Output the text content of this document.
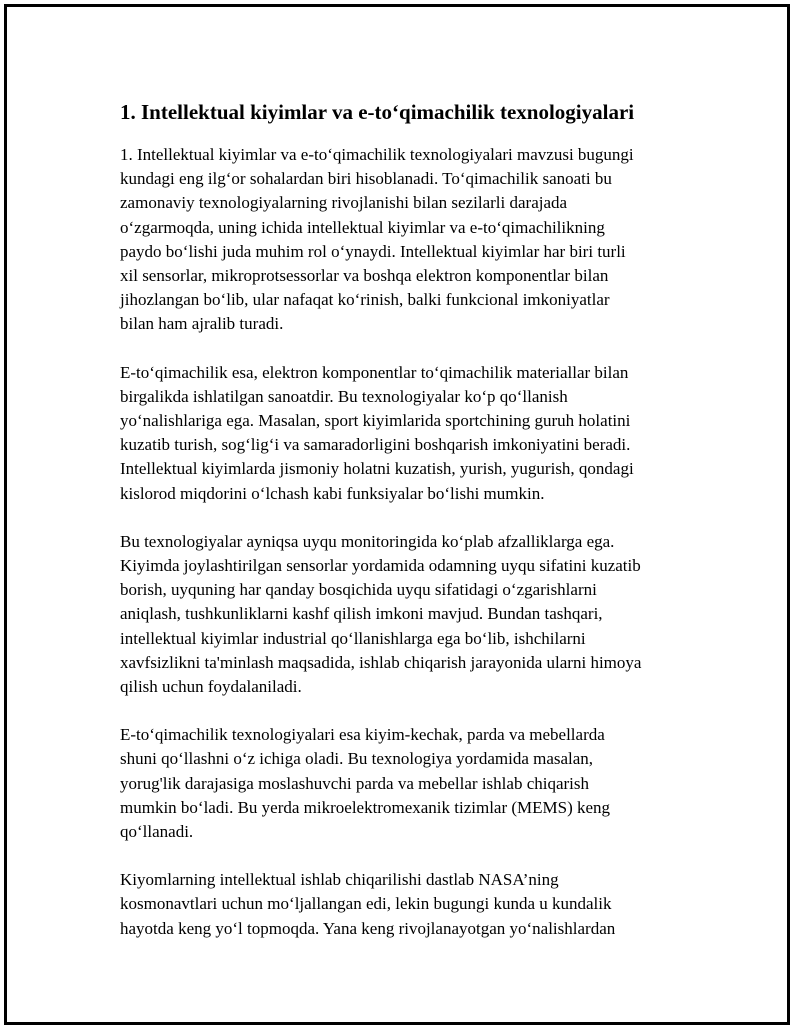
1. Intellektual kiyimlar va e-to‘qimachilik texnologiyalari

1. Intellektual kiyimlar va e-to‘qimachilik texnologiyalari mavzusi bugungi
kundagi eng ilg‘or sohalardan biri hisoblanadi. To‘qimachilik sanoati bu
zamonaviy texnologiyalarning rivojlanishi bilan sezilarli darajada
o‘zgarmoqda, uning ichida intellektual kiyimlar va e-to‘qimachilikning
paydo bo‘lishi juda muhim rol o‘ynaydi. Intellektual kiyimlar har biri turli
xil sensorlar, mikroprotsessorlar va boshqa elektron komponentlar bilan
jihozlangan bo‘lib, ular nafaqat ko‘rinish, balki funkcional imkoniyatlar
bilan ham ajralib turadi.

E-to‘qimachilik esa, elektron komponentlar to‘qimachilik materiallar bilan
birgalikda ishlatilgan sanoatdir. Bu texnologiyalar ko‘p qo‘llanish
yo‘nalishlariga ega. Masalan, sport kiyimlarida sportchining guruh holatini
kuzatib turish, sog‘lig‘i va samaradorligini boshqarish imkoniyatini beradi.
Intellektual kiyimlarda jismoniy holatni kuzatish, yurish, yugurish, qondagi
kislorod miqdorini o‘lchash kabi funksiyalar bo‘lishi mumkin.

Bu texnologiyalar ayniqsa uyqu monitoringida ko‘plab afzalliklarga ega.
Kiyimda joylashtirilgan sensorlar yordamida odamning uyqu sifatini kuzatib
borish, uyquning har qanday bosqichida uyqu sifatidagi o‘zgarishlarni
aniqlash, tushkunliklarni kashf qilish imkoni mavjud. Bundan tashqari,
intellektual kiyimlar industrial qo‘llanishlarga ega bo‘lib, ishchilarni
xavfsizlikni ta'minlash maqsadida, ishlab chiqarish jarayonida ularni himoya
qilish uchun foydalaniladi.

E-to‘qimachilik texnologiyalari esa kiyim-kechak, parda va mebellarda
shuni qo‘llashni o‘z ichiga oladi. Bu texnologiya yordamida masalan,
yorug'lik darajasiga moslashuvchi parda va mebellar ishlab chiqarish
mumkin bo‘ladi. Bu yerda mikroelektromexanik tizimlar (MEMS) keng
qo‘llanadi.

Kiyomlarning intellektual ishlab chiqarilishi dastlab NASA’ning
kosmonavtlari uchun mo‘ljallangan edi, lekin bugungi kunda u kundalik
hayotda keng yo‘l topmoqda. Yana keng rivojlanayotgan yo‘nalishlardan
